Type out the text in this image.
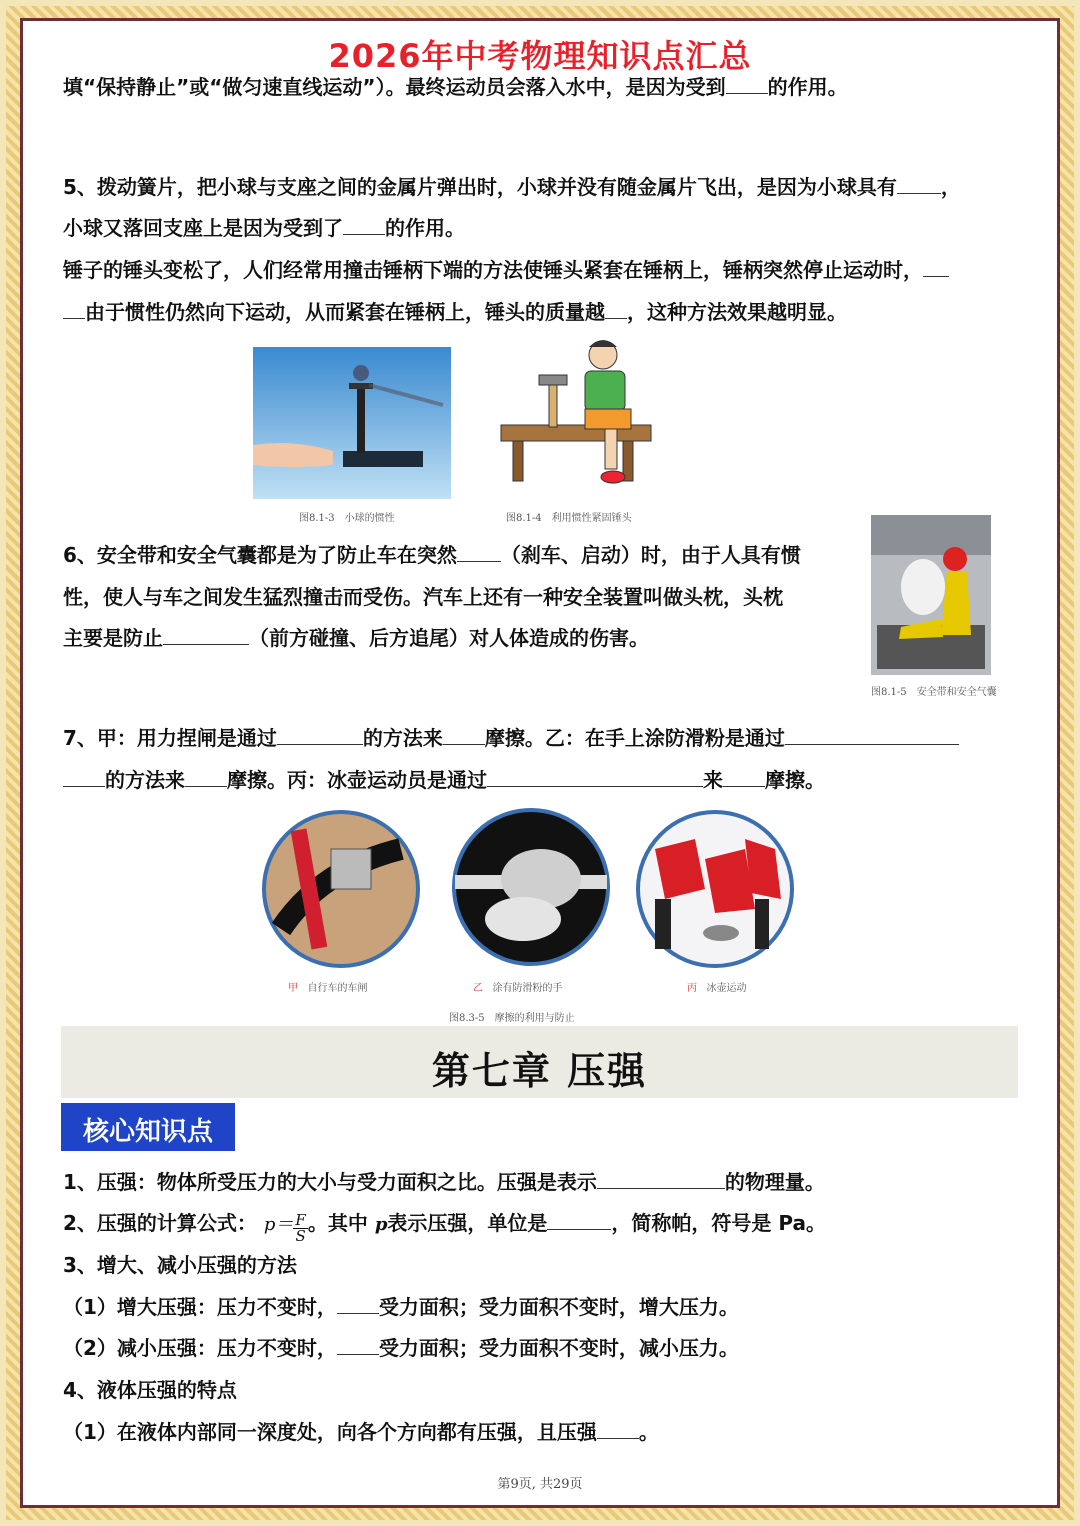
2026年中考物理知识点汇总
填“保持静止”或“做匀速直线运动”）。最终运动员会落入水中，是因为受到 的作用。
5、拨动簧片，把小球与支座之间的金属片弹出时，小球并没有随金属片飞出，是因为小球具有 ，
小球又落回支座上是因为受到了 的作用。
锤子的锤头变松了，人们经常用撞击锤柄下端的方法使锤头紧套在锤柄上，锤柄突然停止运动时，
由于惯性仍然向下运动，从而紧套在锤柄上，锤头的质量越 ，这种方法效果越明显。
图8.1-3　小球的惯性	图8.1-4　利用惯性紧固锤头
6、安全带和安全气囊都是为了防止车在突然 （刹车、启动）时，由于人具有惯
性，使人与车之间发生猛烈撞击而受伤。汽车上还有一种安全装置叫做头枕，头枕
主要是防止	（前方碰撞、后方追尾）对人体造成的伤害。
图8.1-5　安全带和安全气囊
7、甲：用力捏闸是通过	的方法来 摩擦。乙：在手上涂防滑粉是通过
的方法来 摩擦。丙：冰壶运动员是通过	来 摩擦。
甲 自行车的车闸	乙 涂有防滑粉的手	丙 冰壶运动
图8.3-5　摩擦的利用与防止
第七章 压强
核心知识点
1、压强：物体所受压力的大小与受力面积之比。压强是表示	的物理量。
2、压强的计算公式： $p= \frac{F}{S}$ 。其中 p表示压强，单位是	，简称帕，符号是 Pa。
3、增大、减小压强的方法
（1）增大压强：压力不变时， 受力面积；受力面积不变时，增大压力。
（2）减小压强：压力不变时， 受力面积；受力面积不变时，减小压力。
4、液体压强的特点
（1）在液体内部同一深度处，向各个方向都有压强，且压强 。
第9页, 共29页
